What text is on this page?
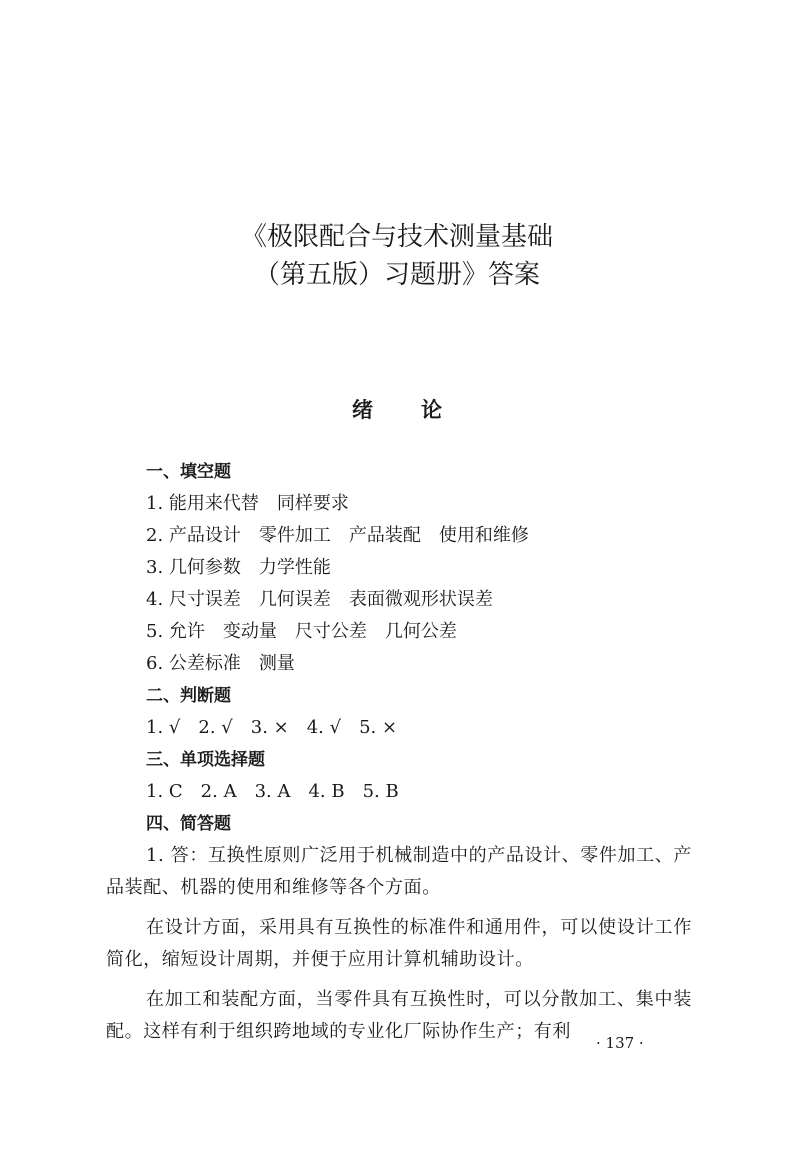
《极限配合与技术测量基础
（第五版）习题册》答案
绪论
一、填空题
1. 能用来代替 同样要求
2. 产品设计 零件加工 产品装配 使用和维修
3. 几何参数 力学性能
4. 尺寸误差 几何误差 表面微观形状误差
5. 允许 变动量 尺寸公差 几何公差
6. 公差标准 测量
二、判断题
1. √ 2. √ 3. × 4. √ 5. ×
三、单项选择题
1. C 2. A 3. A 4. B 5. B
四、简答题

1. 答：互换性原则广泛用于机械制造中的产品设计、零件加工、产品装配、机器的使用和维修等各个方面。

在设计方面，采用具有互换性的标准件和通用件，可以使设计工作简化，缩短设计周期，并便于应用计算机辅助设计。

在加工和装配方面，当零件具有互换性时，可以分散加工、集中装配。这样有利于组织跨地域的专业化厂际协作生产；有利

· 137 ·
